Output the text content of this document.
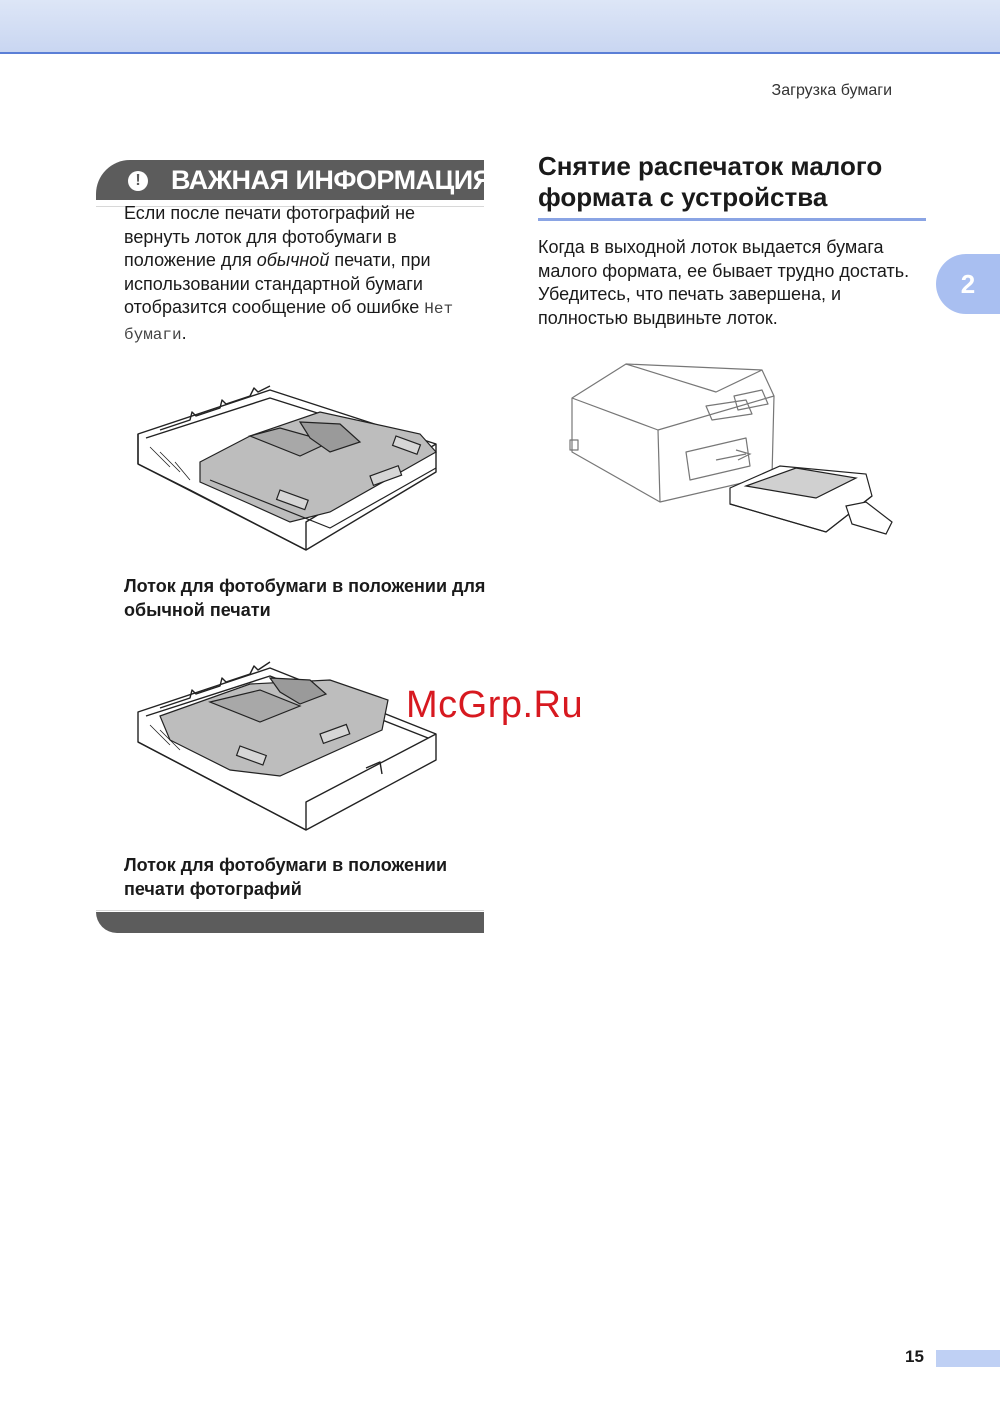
Загрузка бумаги
2
! ВАЖНАЯ ИНФОРМАЦИЯ
Если после печати фотографий не вернуть лоток для фотобумаги в положение для обычной печати, при использовании стандартной бумаги отобразится сообщение об ошибке Нет бумаги.
Лоток для фотобумаги в положении для обычной печати
Лоток для фотобумаги в положении печати фотографий
Снятие распечаток малого формата с устройства
Когда в выходной лоток выдается бумага малого формата, ее бывает трудно достать. Убедитесь, что печать завершена, и полностью выдвиньте лоток.
McGrp.Ru
15
